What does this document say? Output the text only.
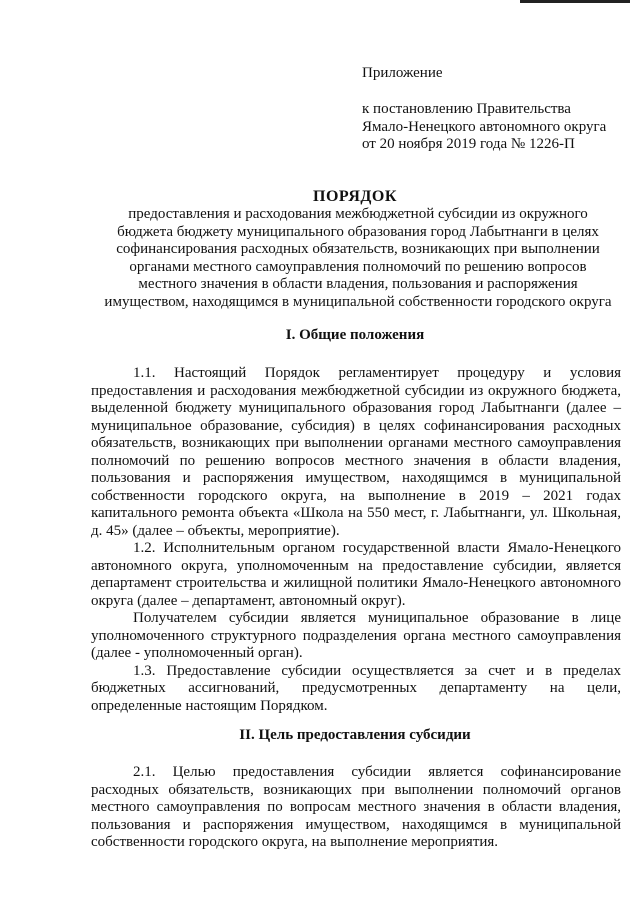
Приложение
к постановлению Правительства
Ямало-Ненецкого автономного округа
от 20 ноября 2019 года № 1226-П
ПОРЯДОК
предоставления и расходования межбюджетной субсидии из окружного
бюджета бюджету муниципального образования город Лабытнанги в целях
софинансирования расходных обязательств, возникающих при выполнении
органами местного самоуправления полномочий по решению вопросов
местного значения в области владения, пользования и распоряжения
имуществом, находящимся в муниципальной собственности городского округа
I. Общие положения

1.1. Настоящий Порядок регламентирует процедуру и условия предоставления и расходования межбюджетной субсидии из окружного бюджета, выделенной бюджету муниципального образования город Лабытнанги (далее – муниципальное образование, субсидия) в целях софинансирования расходных обязательств, возникающих при выполнении органами местного самоуправления полномочий по решению вопросов местного значения в области владения, пользования и распоряжения имуществом, находящимся в муниципальной собственности городского округа, на выполнение в 2019 – 2021 годах капитального ремонта объекта «Школа на 550 мест, г. Лабытнанги, ул. Школьная, д. 45» (далее – объекты, мероприятие).

1.2. Исполнительным органом государственной власти Ямало-Ненецкого автономного округа, уполномоченным на предоставление субсидии, является департамент строительства и жилищной политики Ямало-Ненецкого автономного округа (далее – департамент, автономный округ).

Получателем субсидии является муниципальное образование в лице уполномоченного структурного подразделения органа местного самоуправления (далее - уполномоченный орган).

1.3. Предоставление субсидии осуществляется за счет и в пределах бюджетных ассигнований, предусмотренных департаменту на цели, определенные настоящим Порядком.

II. Цель предоставления субсидии

2.1. Целью предоставления субсидии является софинансирование расходных обязательств, возникающих при выполнении полномочий органов местного самоуправления по вопросам местного значения в области владения, пользования и распоряжения имуществом, находящимся в муниципальной собственности городского округа, на выполнение мероприятия.
